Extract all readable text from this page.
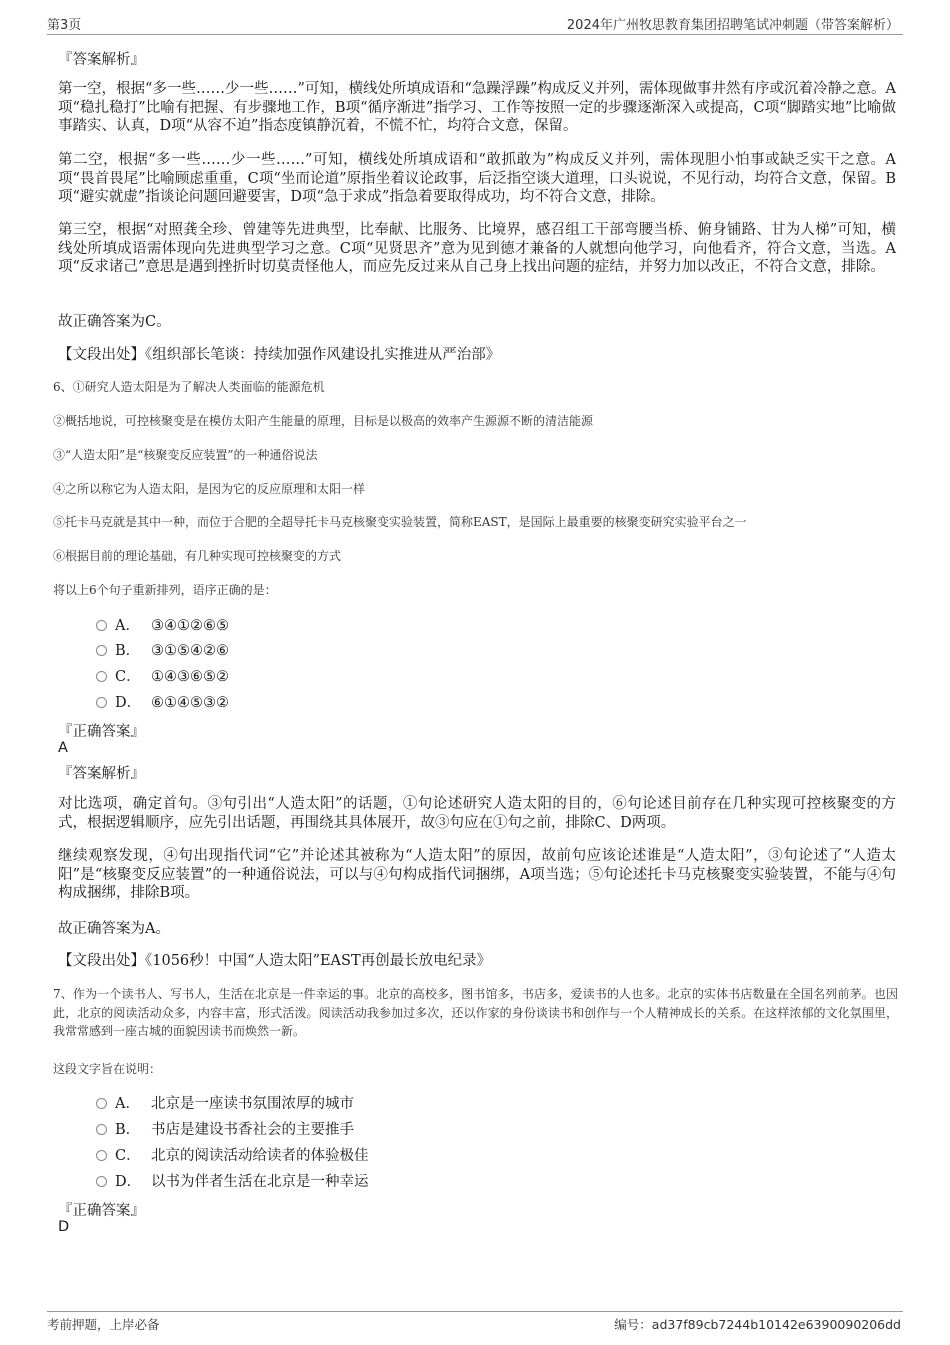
第3页	2024年广州牧思教育集团招聘笔试冲刺题（带答案解析）
『答案解析』
第一空，根据“多一些……少一些……”可知，横线处所填成语和“急躁浮躁”构成反义并列，需体现做事井然有序或沉着冷静之意。A项“稳扎稳打”比喻有把握、有步骤地工作，B项“循序渐进”指学习、工作等按照一定的步骤逐渐深入或提高，C项“脚踏实地”比喻做事踏实、认真，D项“从容不迫”指态度镇静沉着，不慌不忙，均符合文意，保留。
第二空，根据“多一些……少一些……”可知，横线处所填成语和“敢抓敢为”构成反义并列，需体现胆小怕事或缺乏实干之意。A项“畏首畏尾”比喻顾虑重重，C项“坐而论道”原指坐着议论政事，后泛指空谈大道理，口头说说，不见行动，均符合文意，保留。B项“避实就虚”指谈论问题回避要害，D项“急于求成”指急着要取得成功，均不符合文意，排除。
第三空，根据“对照龚全珍、曾建等先进典型，比奉献、比服务、比境界，感召组工干部弯腰当桥、俯身铺路、甘为人梯”可知，横线处所填成语需体现向先进典型学习之意。C项“见贤思齐”意为见到德才兼备的人就想向他学习，向他看齐，符合文意，当选。A项“反求诸己”意思是遇到挫折时切莫责怪他人，而应先反过来从自己身上找出问题的症结，并努力加以改正，不符合文意，排除。
故正确答案为C。
【文段出处】《组织部长笔谈：持续加强作风建设扎实推进从严治部》
6、①研究人造太阳是为了解决人类面临的能源危机
②概括地说，可控核聚变是在模仿太阳产生能量的原理，目标是以极高的效率产生源源不断的清洁能源
③“人造太阳”是“核聚变反应装置”的一种通俗说法
④之所以称它为人造太阳，是因为它的反应原理和太阳一样
⑤托卡马克就是其中一种，而位于合肥的全超导托卡马克核聚变实验装置，简称EAST，是国际上最重要的核聚变研究实验平台之一
⑥根据目前的理论基础，有几种实现可控核聚变的方式
将以上6个句子重新排列，语序正确的是：
A． ③④①②⑥⑤
B． ③①⑤④②⑥
C． ①④③⑥⑤②
D． ⑥①④⑤③②
『正确答案』
A
『答案解析』
对比选项，确定首句。③句引出“人造太阳”的话题，①句论述研究人造太阳的目的，⑥句论述目前存在几种实现可控核聚变的方式，根据逻辑顺序，应先引出话题，再围绕其具体展开，故③句应在①句之前，排除C、D两项。
继续观察发现，④句出现指代词“它”并论述其被称为“人造太阳”的原因，故前句应该论述谁是“人造太阳”，③句论述了“人造太阳”是“核聚变反应装置”的一种通俗说法，可以与④句构成指代词捆绑，A项当选；⑤句论述托卡马克核聚变实验装置，不能与④句构成捆绑，排除B项。
故正确答案为A。
【文段出处】《1056秒！中国“人造太阳”EAST再创最长放电纪录》
7、作为一个读书人、写书人，生活在北京是一件幸运的事。北京的高校多，图书馆多，书店多，爱读书的人也多。北京的实体书店数量在全国名列前茅。也因此，北京的阅读活动众多，内容丰富，形式活泼。阅读活动我参加过多次，还以作家的身份谈读书和创作与一个人精神成长的关系。在这样浓郁的文化氛围里，我常常感到一座古城的面貌因读书而焕然一新。
这段文字旨在说明：
A． 北京是一座读书氛围浓厚的城市
B． 书店是建设书香社会的主要推手
C． 北京的阅读活动给读者的体验极佳
D． 以书为伴者生活在北京是一种幸运
『正确答案』
D
考前押题，上岸必备	编号：ad37f89cb7244b10142e6390090206dd
